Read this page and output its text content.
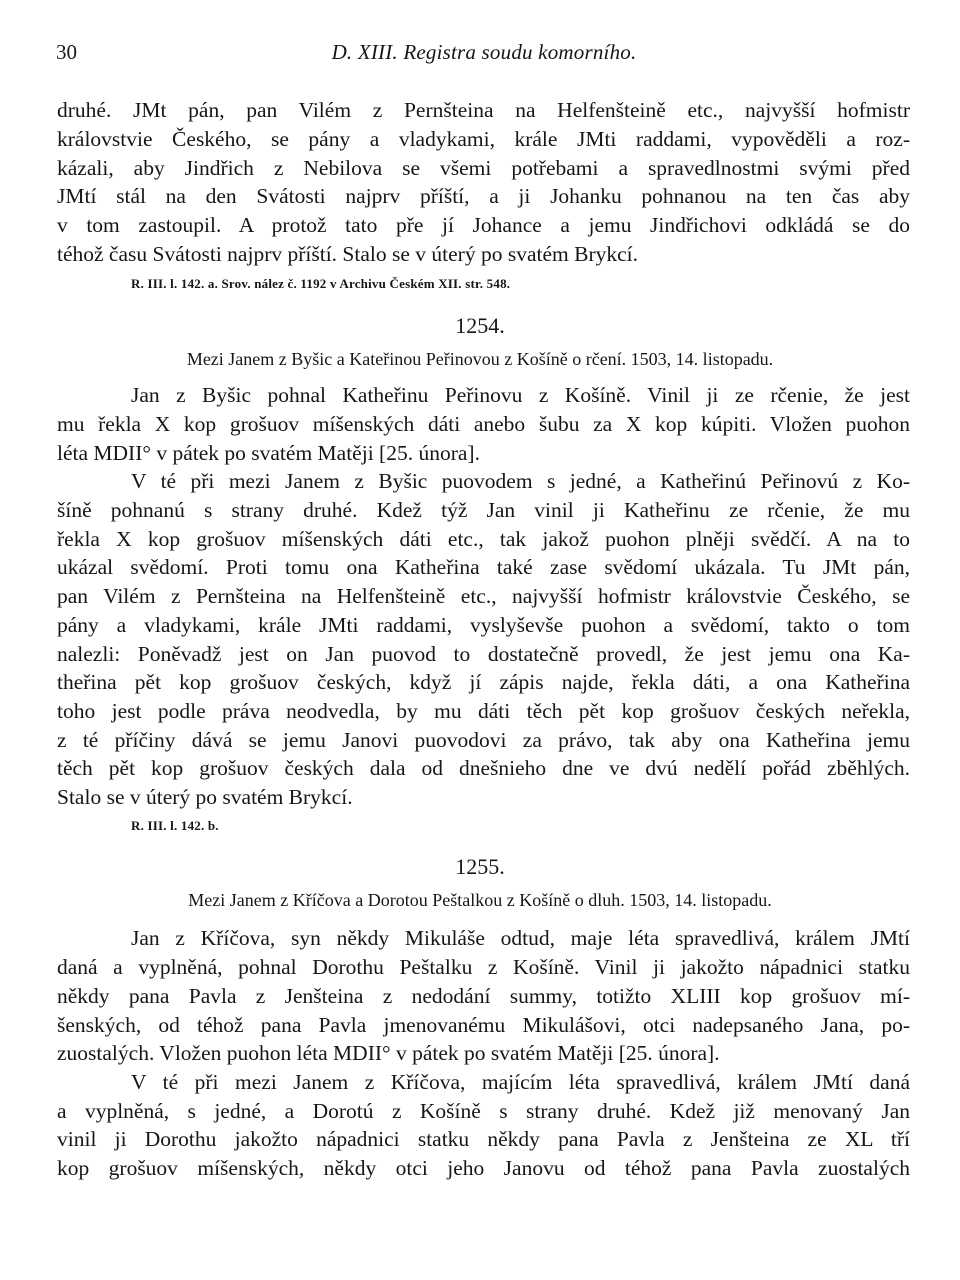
30	D. XIII. Registra soudu komorního.
druhé. JMt pán, pan Vilém z Pernšteina na Helfenšteině etc., najvyšší hofmistr
královstvie Českého, se pány a vladykami, krále JMti raddami, vypověděli a roz-
kázali, aby Jindřich z Nebilova se všemi potřebami a spravedlnostmi svými před
JMtí stál na den Svátosti najprv příští, a ji Johanku pohnanou na ten čas aby
v tom zastoupil. A protož tato pře jí Johance a jemu Jindřichovi odkládá se do
téhož času Svátosti najprv příští. Stalo se v úterý po svatém Brykcí.
R. III. l. 142. a. Srov. nález č. 1192 v Archivu Českém XII. str. 548.
1254.
Mezi Janem z Byšic a Kateřinou Peřinovou z Košíně o rčení. 1503, 14. listopadu.
Jan z Byšic pohnal Katheřinu Peřinovu z Košíně. Vinil ji ze rčenie, že jest
mu řekla X kop grošuov míšenských dáti anebo šubu za X kop kúpiti. Vložen puohon
léta MDII° v pátek po svatém Matěji [25. února].
V té při mezi Janem z Byšic puovodem s jedné, a Katheřinú Peřinovú z Ko-
šíně pohnanú s strany druhé. Kdež týž Jan vinil ji Katheřinu ze rčenie, že mu
řekla X kop grošuov míšenských dáti etc., tak jakož puohon plněji svědčí. A na to
ukázal svědomí. Proti tomu ona Katheřina také zase svědomí ukázala. Tu JMt pán,
pan Vilém z Pernšteina na Helfenšteině etc., najvyšší hofmistr královstvie Českého, se
pány a vladykami, krále JMti raddami, vyslyševše puohon a svědomí, takto o tom
nalezli: Poněvadž jest on Jan puovod to dostatečně provedl, že jest jemu ona Ka-
theřina pět kop grošuov českých, když jí zápis najde, řekla dáti, a ona Katheřina
toho jest podle práva neodvedla, by mu dáti těch pět kop grošuov českých neřekla,
z té příčiny dává se jemu Janovi puovodovi za právo, tak aby ona Katheřina jemu
těch pět kop grošuov českých dala od dnešnieho dne ve dvú nedělí pořád zběhlých.
Stalo se v úterý po svatém Brykcí.
R. III. l. 142. b.
1255.
Mezi Janem z Kříčova a Dorotou Peštalkou z Košíně o dluh. 1503, 14. listopadu.
Jan z Kříčova, syn někdy Mikuláše odtud, maje léta spravedlivá, králem JMtí
daná a vyplněná, pohnal Dorothu Peštalku z Košíně. Vinil ji jakožto nápadnici statku
někdy pana Pavla z Jenšteina z nedodání summy, totižto XLIII kop grošuov mí-
šenských, od téhož pana Pavla jmenovanému Mikulášovi, otci nadepsaného Jana, po-
zuostalých. Vložen puohon léta MDII° v pátek po svatém Matěji [25. února].
V té při mezi Janem z Kříčova, majícím léta spravedlivá, králem JMtí daná
a vyplněná, s jedné, a Dorotú z Košíně s strany druhé. Kdež již menovaný Jan
vinil ji Dorothu jakožto nápadnici statku někdy pana Pavla z Jenšteina ze XL tří
kop grošuov míšenských, někdy otci jeho Janovu od téhož pana Pavla zuostalých
